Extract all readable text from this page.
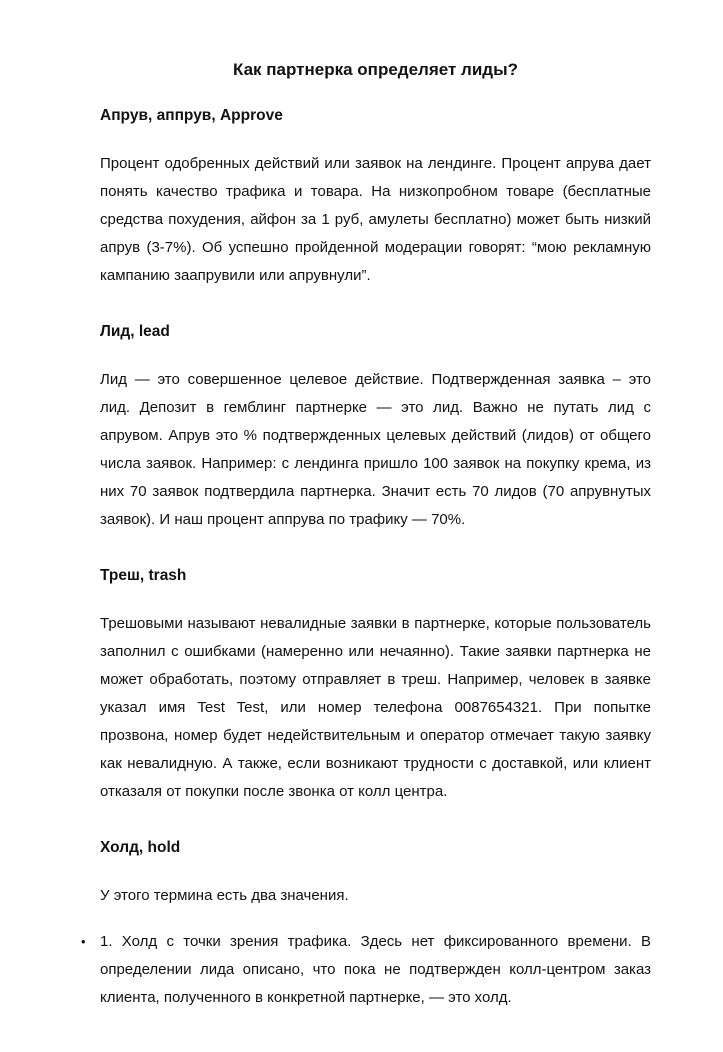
Как партнерка определяет лиды?
Апрув, аппрув, Approve

Процент одобренных действий или заявок на лендинге. Процент апрува дает понять качество трафика и товара. На низкопробном товаре (бесплатные средства похудения, айфон за 1 руб, амулеты бесплатно) может быть низкий апрув (3-7%). Об успешно пройденной модерации говорят: “мою рекламную кампанию заапрувили или апрувнули”.

Лид, lead

Лид — это совершенное целевое действие. Подтвержденная заявка – это лид. Депозит в гемблинг партнерке — это лид. Важно не путать лид с апрувом. Апрув это % подтвержденных целевых действий (лидов) от общего числа заявок. Например: с лендинга пришло 100 заявок на покупку крема, из них 70 заявок подтвердила партнерка. Значит есть 70 лидов (70 апрувнутых заявок). И наш процент аппрува по трафику — 70%.

Треш, trash

Трешовыми называют невалидные заявки в партнерке, которые пользователь заполнил с ошибками (намеренно или нечаянно). Такие заявки партнерка не может обработать, поэтому отправляет в треш. Например, человек в заявке указал имя Test Test, или номер телефона 0087654321. При попытке прозвона, номер будет недействительным и оператор отмечает такую заявку как невалидную. А также, если возникают трудности с доставкой, или клиент отказаля от покупки после звонка от колл центра.

Холд, hold

У этого термина есть два значения.

• 1. Холд с точки зрения трафика. Здесь нет фиксированного времени. В определении лида описано, что пока не подтвержден колл-центром заказ клиента, полученного в конкретной партнерке, — это холд.
